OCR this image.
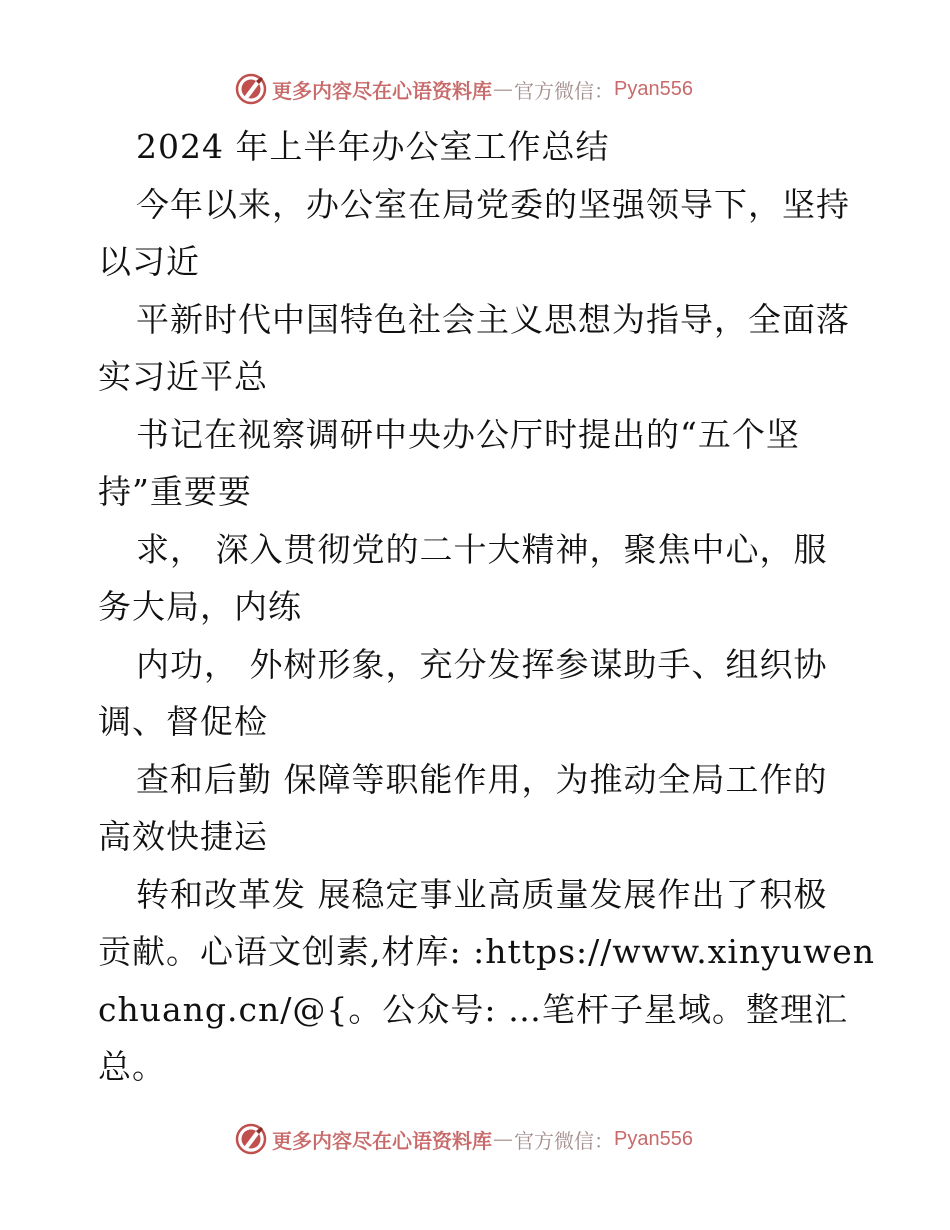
更多内容尽在心语资料库 — 官方微信： Pyan556
2024 年上半年办公室工作总结
今年以来，办公室在局党委的坚强领导下，坚持
以习近
平新时代中国特色社会主义思想为指导，全面落
实习近平总
书记在视察调研中央办公厅时提出的“五个坚
持”重要要
求， 深入贯彻党的二十大精神，聚焦中心，服
务大局，内练
内功， 外树形象，充分发挥参谋助手、组织协
调、督促检
查和后勤 保障等职能作用，为推动全局工作的
高效快捷运
转和改革发 展稳定事业高质量发展作出了积极
贡献。心语文创素,材库: :https://www.xinyuwen
chuang.cn/@{。公众号: …笔杆子星域。整理汇
总。
更多内容尽在心语资料库 — 官方微信： Pyan556
